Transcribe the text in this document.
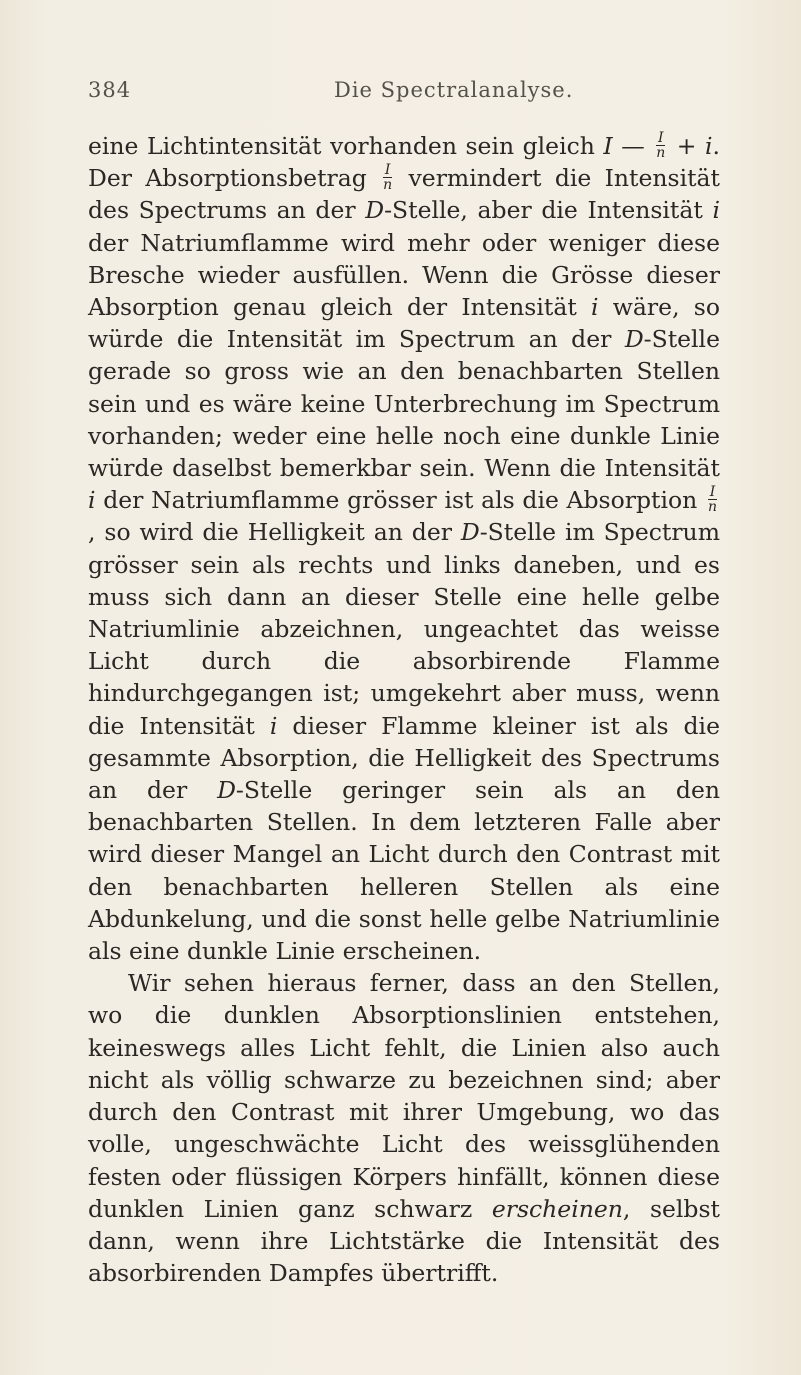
384	Die Spectralanalyse.

eine Lichtintensität vorhanden sein gleich I — $\frac{I}{n} + i$. Der Absorptionsbetrag $\frac{I}{n}$ vermindert die Intensität des Spectrums an der D-Stelle, aber die Intensität i der Natriumflamme wird mehr oder weniger diese Bresche wieder ausfüllen. Wenn die Grösse dieser Absorption genau gleich der Intensität i wäre, so würde die Intensität im Spectrum an der D-Stelle gerade so gross wie an den benachbarten Stellen sein und es wäre keine Unterbrechung im Spectrum vorhanden; weder eine helle noch eine dunkle Linie würde daselbst bemerkbar sein. Wenn die Intensität i der Natriumflamme grösser ist als die Absorption $\frac{I}{n}$
, so wird die Helligkeit an der D-Stelle im Spectrum grösser sein als rechts und links daneben, und es muss sich dann an dieser Stelle eine helle gelbe Natriumlinie abzeichnen, ungeachtet das weisse Licht durch die absorbirende Flamme hindurchgegangen ist; umgekehrt aber muss, wenn die Intensität i dieser Flamme kleiner ist als die gesammte Absorption, die Helligkeit des Spectrums an der D-Stelle geringer sein als an den benachbarten Stellen. In dem letzteren Falle aber wird dieser Mangel an Licht durch den Contrast mit den benachbarten helleren Stellen als eine Abdunkelung, und die sonst helle gelbe Natriumlinie als eine dunkle Linie erscheinen.

Wir sehen hieraus ferner, dass an den Stellen, wo die dunklen Absorptionslinien entstehen, keineswegs alles Licht fehlt, die Linien also auch nicht als völlig schwarze zu bezeichnen sind; aber durch den Contrast mit ihrer Umgebung, wo das volle, ungeschwächte Licht des weissglühenden festen oder flüssigen Körpers hinfällt, können diese dunklen Linien ganz schwarz erscheinen, selbst dann, wenn ihre Lichtstärke die Intensität des absorbirenden Dampfes übertrifft.
